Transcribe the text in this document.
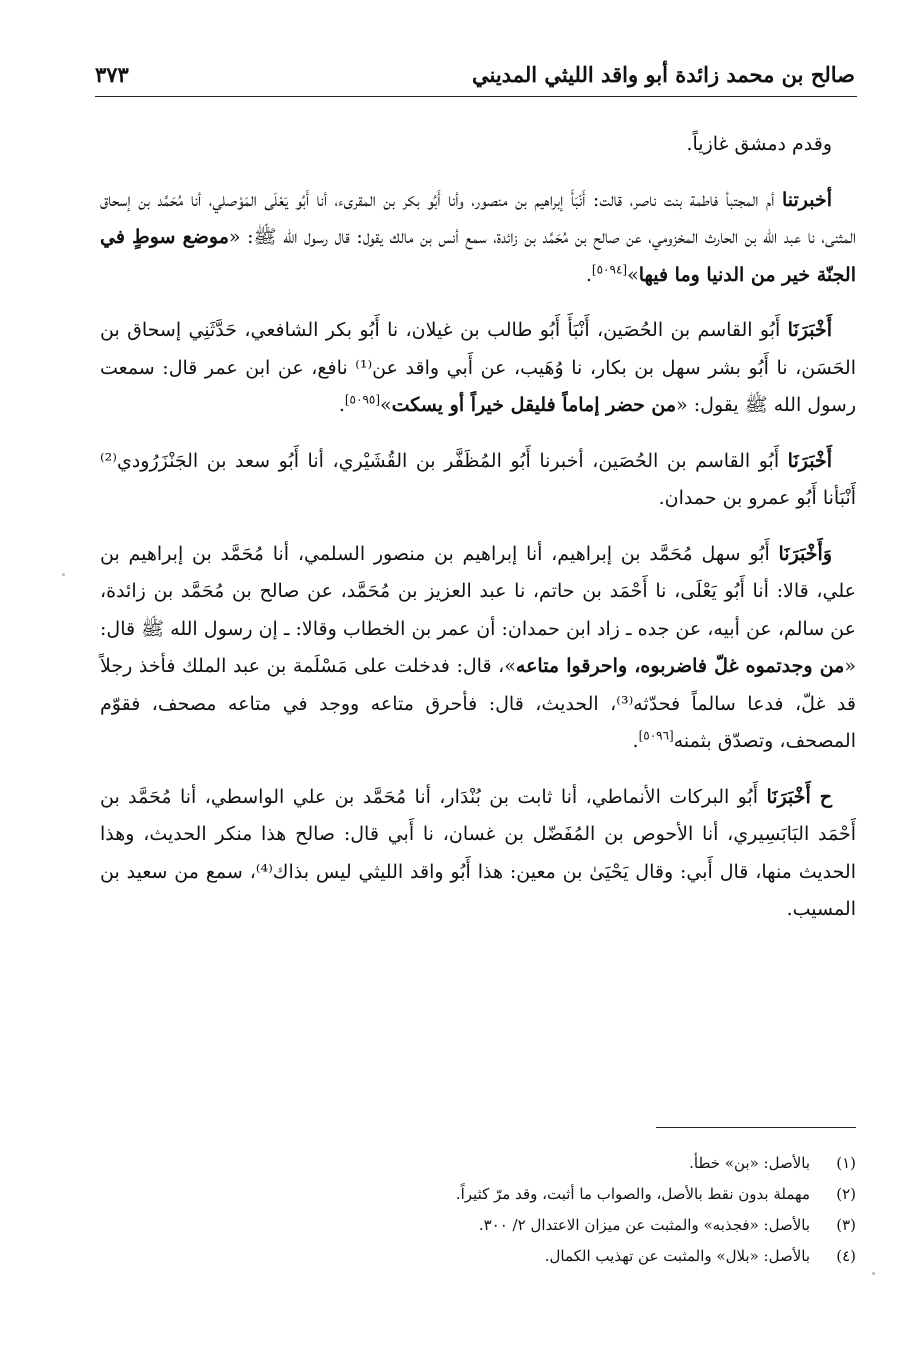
صالح بن محمد زائدة أبو واقد الليثي المديني
٣٧٣

وقدم دمشق غازياً.

أخبرتنا أم المجتبأ فاطمة بنت ناصر، قالت: أَنْبَأَ إبراهيم بن منصور، وأنا أَبُو بكر بن المقرىء، أنا أَبُو يَعْلَى المَوْصلي، أنا مُحَمَّد بن إسحاق المثنى، نا عبد اللّٰه بن الحارث المخزومي، عن صالح بن مُحَمَّد بن زائدة، سمع أنس بن مالك يقول: قال رسول الله ﷺ: «موضع سوطٍ في الجنّة خير من الدنيا وما فيها»[٥٠٩٤].

أَخْبَرَنَا أَبُو القاسم بن الحُصَين، أَنْبَأَ أَبُو طالب بن غيلان، نا أَبُو بكر الشافعي، حَدَّثَنِي إسحاق بن الحَسَن، نا أَبُو بشر سهل بن بكار، نا وُهَيب، عن أَبي واقد عن⁽¹⁾ نافع، عن ابن عمر قال: سمعت رسول الله ﷺ يقول: «من حضر إماماً فليقل خيراً أو يسكت»[٥٠٩٥].

أَخْبَرَنَا أَبُو القاسم بن الحُصَين، أخبرنا أَبُو المُظَفَّر بن القُشَيْري، أنا أَبُو سعد بن الجَنْزَرُودي⁽²⁾ أَنْبَأنا أَبُو عمرو بن حمدان.

وَأَخْبَرَنَا أَبُو سهل مُحَمَّد بن إبراهيم، أنا إبراهيم بن منصور السلمي، أنا مُحَمَّد بن إبراهيم بن علي، قالا: أنا أَبُو يَعْلَى، نا أَحْمَد بن حاتم، نا عبد العزيز بن مُحَمَّد، عن صالح بن مُحَمَّد بن زائدة، عن سالم، عن أبيه، عن جده ـ زاد ابن حمدان: أن عمر بن الخطاب وقالا: ـ إن رسول الله ﷺ قال: «من وجدتموه غلّ فاضربوه، واحرقوا متاعه»، قال: فدخلت على مَسْلَمة بن عبد الملك فأخذ رجلاً قد غلّ، فدعا سالماً فحدّثه⁽³⁾، الحديث، قال: فأحرق متاعه ووجد في متاعه مصحف، فقوّم المصحف، وتصدّق بثمنه[٥٠٩٦].

ح أَخْبَرَنَا أَبُو البركات الأنماطي، أنا ثابت بن بُنْدَار، أنا مُحَمَّد بن علي الواسطي، أنا مُحَمَّد بن أَحْمَد البَابَسِيري، أنا الأحوص بن المُفَضّل بن غسان، نا أَبي قال: صالح هذا منكر الحديث، وهذا الحديث منها، قال أَبي: وقال يَحْيَىٰ بن معين: هذا أَبُو واقد الليثي ليس بذاك⁽⁴⁾، سمع من سعيد بن المسيب.

(١)
بالأصل: «بن» خطأ.
(٢)
مهملة بدون نقط بالأصل، والصواب ما أثبت، وقد مرّ كثيراً.
(٣)
بالأصل: «فجذبه» والمثبت عن ميزان الاعتدال ٢/ ٣٠٠.
(٤)
بالأصل: «بلال» والمثبت عن تهذيب الكمال.
